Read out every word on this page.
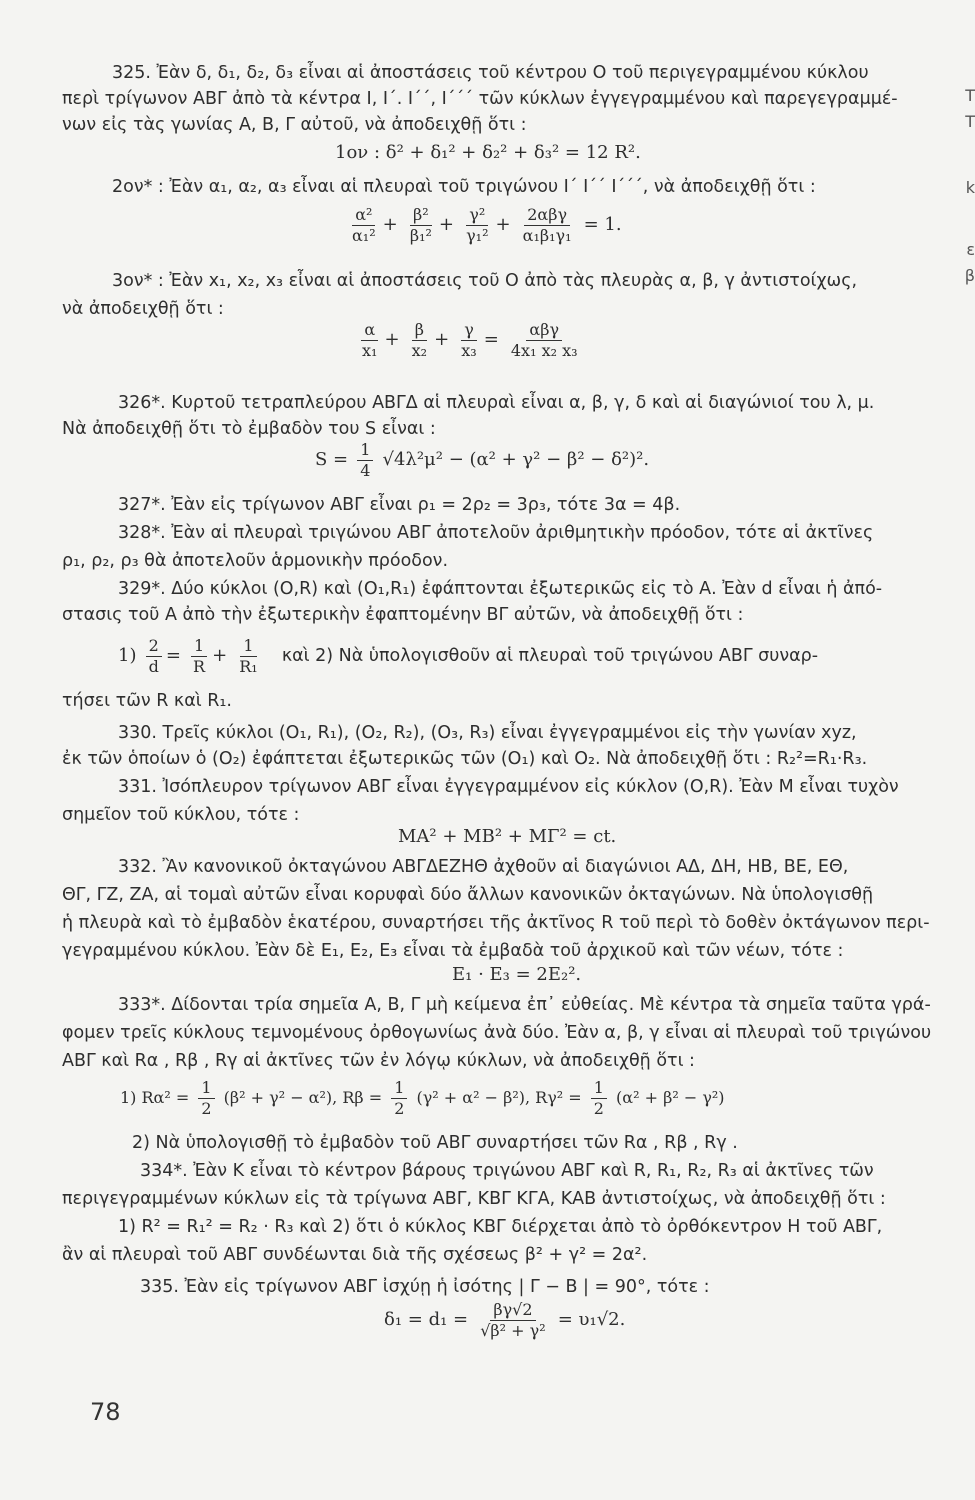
T
T
k
ε
β
325. Ἐὰν δ, δ₁, δ₂, δ₃ εἶναι αἱ ἀποστάσεις τοῦ κέντρου Ο τοῦ περιγεγραμμένου κύκλου
περὶ τρίγωνον ΑΒΓ ἀπὸ τὰ κέντρα I, I΄. I΄΄, I΄΄΄ τῶν κύκλων ἐγγεγραμμένου καὶ παρεγεγραμμέ-
νων εἰς τὰς γωνίας Α, Β, Γ αὐτοῦ, νὰ ἀποδειχθῇ ὅτι :
1ον : δ² + δ₁² + δ₂² + δ₃² = 12 R².
2ον* : Ἐὰν α₁, α₂, α₃ εἶναι αἱ πλευραὶ τοῦ τριγώνου I΄ I΄΄ I΄΄΄, νὰ ἀποδειχθῇ ὅτι :
$\frac{\text{α²}}{\text{α₁²}} + \frac{\text{β²}}{\text{β₁²}} + \frac{\text{γ²}}{\text{γ₁²}} + \frac{\text{2αβγ}}{\text{α₁β₁γ₁}} = 1$.
3ον* : Ἐὰν x₁, x₂, x₃ εἶναι αἱ ἀποστάσεις τοῦ Ο ἀπὸ τὰς πλευρὰς α, β, γ ἀντιστοίχως,
νὰ ἀποδειχθῇ ὅτι :
$\frac{\alpha}{\text{x₁}} + \frac{\beta}{\text{x₂}} + \frac{\gamma}{\text{x₃}} = \frac{\text{αβγ}}{\text{4x₁ x₂ x₃}}$
326*. Κυρτοῦ τετραπλεύρου ΑΒΓΔ αἱ πλευραὶ εἶναι α, β, γ, δ καὶ αἱ διαγώνιοί του λ, μ.
Νὰ ἀποδειχθῇ ὅτι τὸ ἐμβαδὸν του S εἶναι :
$S = \frac{1}{4} √4\lambda^2\mu^2 - (\alpha^2 + \gamma^2 - \beta^2 - \delta^2)^2$.
327*. Ἐὰν εἰς τρίγωνον ΑΒΓ εἶναι ρ₁ = 2ρ₂ = 3ρ₃, τότε 3α = 4β.
328*. Ἐὰν αἱ πλευραὶ τριγώνου ΑΒΓ ἀποτελοῦν ἀριθμητικὴν πρόοδον, τότε αἱ ἀκτῖνες
ρ₁, ρ₂, ρ₃ θὰ ἀποτελοῦν ἁρμονικὴν πρόοδον.
329*. Δύο κύκλοι (O,R) καὶ (O₁,R₁) ἐφάπτονται ἐξωτερικῶς εἰς τὸ Α. Ἐὰν d εἶναι ἡ ἀπό-
στασις τοῦ Α ἀπὸ τὴν ἐξωτερικὴν ἐφαπτομένην ΒΓ αὐτῶν, νὰ ἀποδειχθῇ ὅτι :
$1) \frac{2}{d} = \frac{1}{R} + \frac{1}{\text{R₁}}$ καὶ 2) Νὰ ὑπολογισθοῦν αἱ πλευραὶ τοῦ τριγώνου ΑΒΓ συναρ-
τήσει τῶν R καὶ R₁.
330. Τρεῖς κύκλοι (O₁, R₁), (O₂, R₂), (O₃, R₃) εἶναι ἐγγεγραμμένοι εἰς τὴν γωνίαν xyz,
ἐκ τῶν ὁποίων ὁ (O₂) ἐφάπτεται ἐξωτερικῶς τῶν (O₁) καὶ O₂. Νὰ ἀποδειχθῇ ὅτι : R₂²=R₁·R₃.
331. Ἰσόπλευρον τρίγωνον ΑΒΓ εἶναι ἐγγεγραμμένον εἰς κύκλον (O,R). Ἐὰν Μ εἶναι τυχὸν
σημεῖον τοῦ κύκλου, τότε :
ΜΑ² + ΜΒ² + ΜΓ² = ct.
332. Ἂν κανονικοῦ ὀκταγώνου ΑΒΓΔΕΖΗΘ ἀχθοῦν αἱ διαγώνιοι ΑΔ, ΔΗ, ΗΒ, ΒΕ, ΕΘ,
ΘΓ, ΓΖ, ΖΑ, αἱ τομαὶ αὐτῶν εἶναι κορυφαὶ δύο ἄλλων κανονικῶν ὀκταγώνων. Νὰ ὑπολογισθῇ
ἡ πλευρὰ καὶ τὸ ἐμβαδὸν ἑκατέρου, συναρτήσει τῆς ἀκτῖνος R τοῦ περὶ τὸ δοθὲν ὀκτάγωνον περι-
γεγραμμένου κύκλου. Ἐὰν δὲ E₁, E₂, E₃ εἶναι τὰ ἐμβαδὰ τοῦ ἀρχικοῦ καὶ τῶν νέων, τότε :
E₁ · E₃ = 2E₂².
333*. Δίδονται τρία σημεῖα Α, Β, Γ μὴ κείμενα ἐπ᾽ εὐθείας. Μὲ κέντρα τὰ σημεῖα ταῦτα γρά-
φομεν τρεῖς κύκλους τεμνομένους ὀρθογωνίως ἀνὰ δύο. Ἐὰν α, β, γ εἶναι αἱ πλευραὶ τοῦ τριγώνου
ΑΒΓ καὶ Rα , Rβ , Rγ αἱ ἀκτῖνες τῶν ἐν λόγῳ κύκλων, νὰ ἀποδειχθῇ ὅτι :
1) $R\alpha^2 = \frac{1}{2} (\beta^2 + \gamma^2 - \alpha^2)$, $R\beta = \frac{1}{2} (\gamma^2 + \alpha^2 - \beta^2)$, $R\gamma^2 = \frac{1}{2} (\alpha^2 + \beta^2 - \gamma^2)$
2) Νὰ ὑπολογισθῇ τὸ ἐμβαδὸν τοῦ ΑΒΓ συναρτήσει τῶν Rα , Rβ , Rγ .
334*. Ἐὰν Κ εἶναι τὸ κέντρον βάρους τριγώνου ΑΒΓ καὶ R, R₁, R₂, R₃ αἱ ἀκτῖνες τῶν
περιγεγραμμένων κύκλων εἰς τὰ τρίγωνα ΑΒΓ, ΚΒΓ ΚΓΑ, ΚΑΒ ἀντιστοίχως, νὰ ἀποδειχθῇ ὅτι :
1) R² = R₁² = R₂ · R₃ καὶ 2) ὅτι ὁ κύκλος ΚΒΓ διέρχεται ἀπὸ τὸ ὀρθόκεντρον Η τοῦ ΑΒΓ,
ἂν αἱ πλευραὶ τοῦ ΑΒΓ συνδέωνται διὰ τῆς σχέσεως β² + γ² = 2α².
335. Ἐὰν εἰς τρίγωνον ΑΒΓ ἰσχύῃ ἡ ἰσότης | Γ − Β | = 90°, τότε :
$\delta_1 = d_1 = \frac{\beta\gamma√2}{\text{√β² + γ²}} = \upsilon_1√2$.
78
